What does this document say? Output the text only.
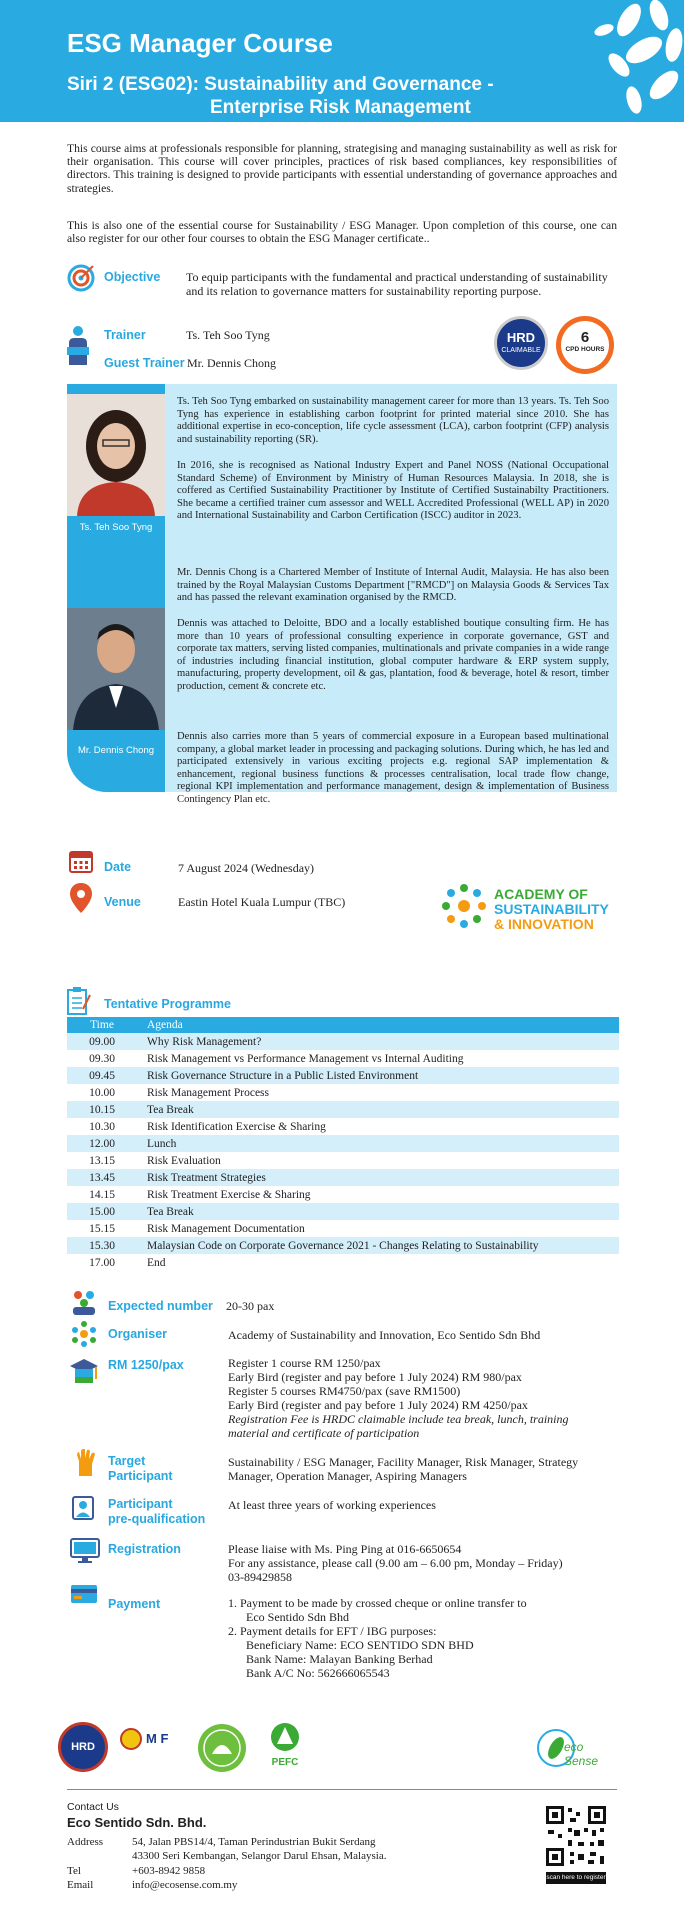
ESG Manager Course
Siri 2 (ESG02): Sustainability and Governance -
Enterprise Risk Management
This course aims at professionals responsible for planning, strategising and managing sustainability as well as risk for their organisation. This course will cover principles, practices of risk based compliances, key responsibilities of directors. This training is designed to provide participants with essential understanding of governance approaches and strategies.
This is also one of the essential course for Sustainability / ESG Manager. Upon completion of this course, one can also register for our other four courses to obtain the ESG Manager certificate..
Objective To equip participants with the fundamental and practical understanding of sustainability and its relation to governance matters for sustainability reporting purpose.
Trainer	Ts. Teh Soo Tyng
Guest Trainer Mr. Dennis Chong
HRD
CLAIMABLE
6
CPD HOURS
Ts. Teh Soo Tyng
Mr. Dennis Chong
Ts. Teh Soo Tyng embarked on sustainability management career for more than 13 years. Ts. Teh Soo Tyng has experience in establishing carbon footprint for printed material since 2010. She has additional expertise in eco-conception, life cycle assessment (LCA), carbon footprint (CFP) analysis and sustainability reporting (SR).
In 2016, she is recognised as National Industry Expert and Panel NOSS (National Occupational Standard Scheme) of Environment by Ministry of Human Resources Malaysia. In 2018, she is coffered as Certified Sustainability Practitioner by Institute of Certified Sustainabilty Practitioners. She became a certified trainer cum assessor and WELL Accredited Professional (WELL AP) in 2020 and International Sustainability and Carbon Certification (ISCC) auditor in 2023.
Mr. Dennis Chong is a Chartered Member of Institute of Internal Audit, Malaysia. He has also been trained by the Royal Malaysian Customs Department ["RMCD"] on Malaysia Goods & Services Tax and has passed the relevant examination organised by the RMCD.
Dennis was attached to Deloitte, BDO and a locally established boutique consulting firm. He has more than 10 years of professional consulting experience in corporate governance, GST and corporate tax matters, serving listed companies, multinationals and private companies in a wide range of industries including financial institution, global computer hardware & ERP system supply, manufacturing, property development, oil & gas, plantation, food & beverage, hotel & resort, timber production, cement & concrete etc.
Dennis also carries more than 5 years of commercial exposure in a European based multinational company, a global market leader in processing and packaging solutions. During which, he has led and participated extensively in various exciting projects e.g. regional SAP implementation & enhancement, regional business functions & processes centralisation, local trade flow change, regional KPI implementation and performance management, design & implementation of Business Contingency Plan etc.
Date	7 August 2024 (Wednesday)
Venue	Eastin Hotel Kuala Lumpur (TBC)	ACADEMY OF
SUSTAINABILITY
& INNOVATION
Tentative Programme
Time	Agenda
09.00	Why Risk Management?
09.30	Risk Management vs Performance Management vs Internal Auditing
09.45	Risk Governance Structure in a Public Listed Environment
10.00	Risk Management Process
10.15	Tea Break
10.30	Risk Identification Exercise & Sharing
12.00	Lunch
13.15	Risk Evaluation
13.45	Risk Treatment Strategies
14.15	Risk Treatment Exercise & Sharing
15.00	Tea Break
15.15	Risk Management Documentation
15.30	Malaysian Code on Corporate Governance 2021 - Changes Relating to Sustainability
17.00	End
Expected number 20-30 pax
Organiser	Academy of Sustainability and Innovation, Eco Sentido Sdn Bhd
RM 1250/pax	Register 1 course RM 1250/pax
Early Bird (register and pay before 1 July 2024) RM 980/pax
Register 5 courses RM4750/pax (save RM1500)
Early Bird (register and pay before 1 July 2024) RM 4250/pax
Registration Fee is HRDC claimable include tea break, lunch, training material and certificate of participation
Target
Participant
Sustainability / ESG Manager, Facility Manager, Risk Manager, Strategy Manager, Operation Manager, Aspiring Managers
Participant
pre-qualification
At least three years of working experiences
Registration	Please liaise with Ms. Ping Ping at 016-6650654
For any assistance, please call (9.00 am – 6.00 pm, Monday – Friday)
03-89429858
Payment	1. Payment to be made by crossed cheque or online transfer to
Eco Sentido Sdn Bhd
2. Payment details for EFT / IBG purposes:
Beneficiary Name: ECO SENTIDO SDN BHD
Bank Name: Malayan Banking Berhad
Bank A/C No: 562666065543
HRD
M F
PEFC
eco Sense
Contact Us
Eco Sentido Sdn. Bhd.
Address	54, Jalan PBS14/4, Taman Perindustrian Bukit Serdang
43300 Seri Kembangan, Selangor Darul Ehsan, Malaysia.
Tel	+603-8942 9858
Email	info@ecosense.com.my
scan here to register
